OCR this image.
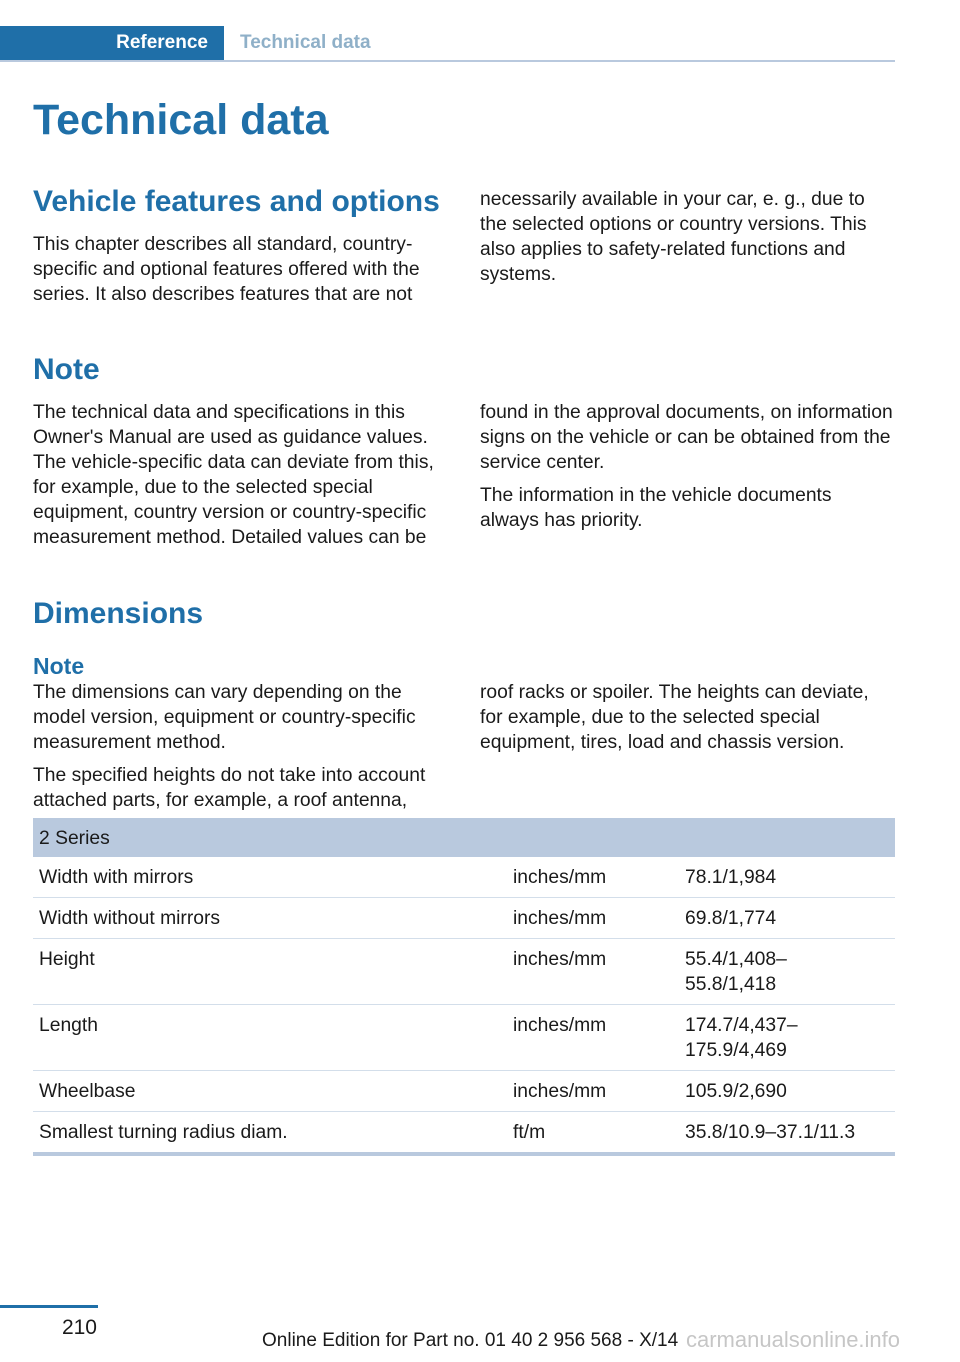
Reference	Technical data
Technical data
Vehicle features and options

This chapter describes all standard, country-specific and optional features offered with the series. It also describes features that are not

necessarily available in your car, e. g., due to the selected options or country versions. This also applies to safety-related functions and systems.

Note

The technical data and specifications in this Owner's Manual are used as guidance values. The vehicle-specific data can deviate from this, for example, due to the selected special equipment, country version or country-specific measurement method. Detailed values can be

found in the approval documents, on information signs on the vehicle or can be obtained from the service center.

The information in the vehicle documents always has priority.

Dimensions
Note

The dimensions can vary depending on the model version, equipment or country-specific measurement method.

The specified heights do not take into account attached parts, for example, a roof antenna,

roof racks or spoiler. The heights can deviate, for example, due to the selected special equipment, tires, load and chassis version.

2 Series		
Width with mirrors	inches/mm	78.1/1,984
Width without mirrors	inches/mm	69.8/1,774
Height	inches/mm	55.4/1,408–
55.8/1,418
Length	inches/mm	174.7/4,437–
175.9/4,469
Wheelbase	inches/mm	105.9/2,690
Smallest turning radius diam.	ft/m	35.8/10.9–37.1/11.3
210
Online Edition for Part no. 01 40 2 956 568 - X/14 carmanualsonline.info
